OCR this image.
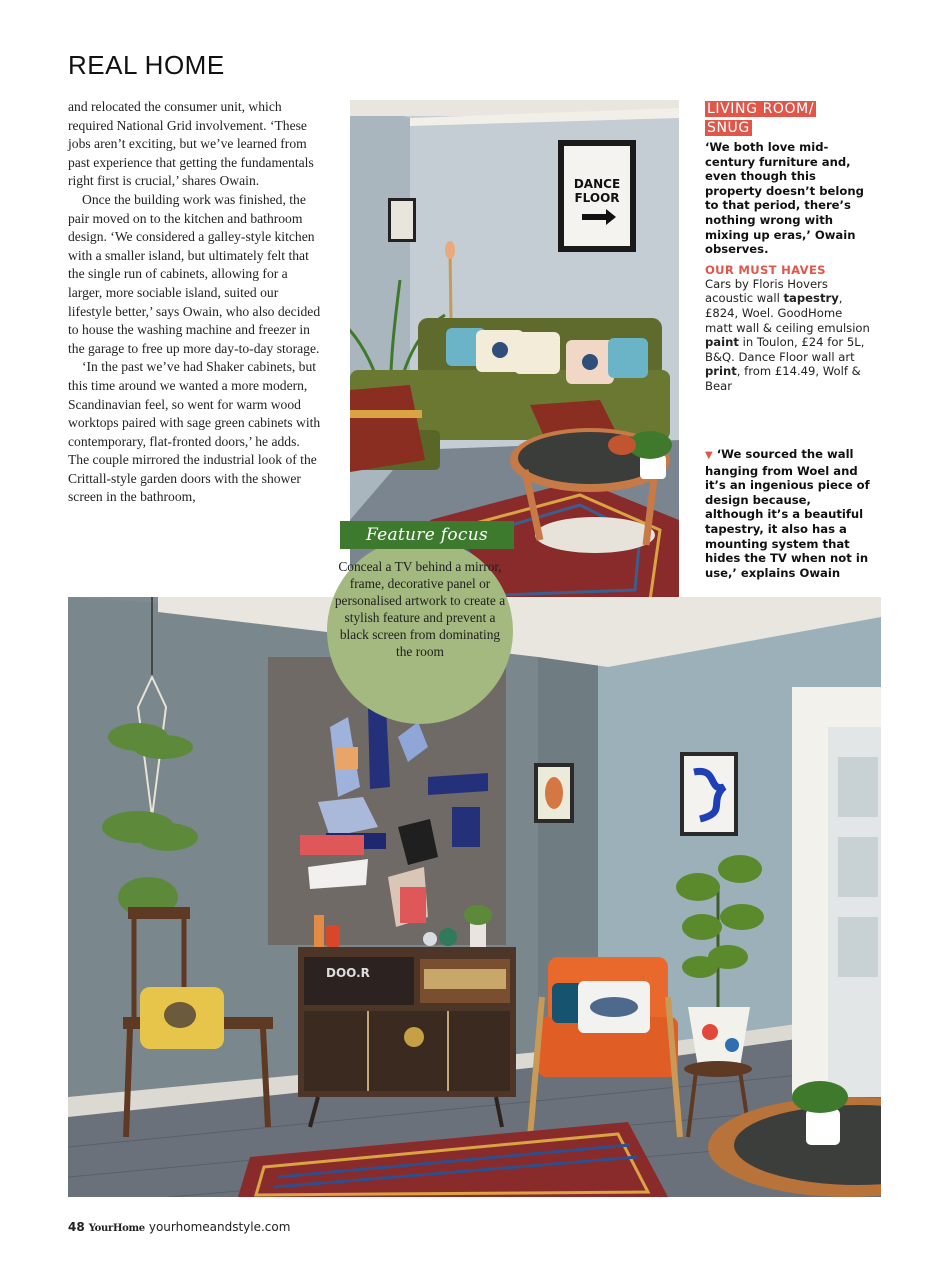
REAL HOME

and relocated the consumer unit, which required National Grid involvement. ‘These jobs aren’t exciting, but we’ve learned from past experience that getting the fundamentals right first is crucial,’ shares Owain.

Once the building work was finished, the pair moved on to the kitchen and bathroom design. ‘We considered a galley-style kitchen with a smaller island, but ultimately felt that the single run of cabinets, allowing for a larger, more sociable island, suited our lifestyle better,’ says Owain, who also decided to house the washing machine and freezer in the garage to free up more day-to-day storage.

‘In the past we’ve had Shaker cabinets, but this time around we wanted a more modern, Scandinavian feel, so went for warm wood worktops paired with sage green cabinets with contemporary, flat-fronted doors,’ he adds. The couple mirrored the industrial look of the Crittall-style garden doors with the shower screen in the bathroom,

DANCE
FLOOR
LIVING ROOM/ SNUG
‘We both love mid-century furniture and, even though this property doesn’t belong to that period, there’s nothing wrong with mixing up eras,’ Owain observes.
OUR MUST HAVES
Cars by Floris Hovers acoustic wall tapestry, £824, Woel. GoodHome matt wall & ceiling emulsion paint in Toulon, £24 for 5L, B&Q. Dance Floor wall art print, from £14.49, Wolf & Bear
▼ ‘We sourced the wall hanging from Woel and it’s an ingenious piece of design because, although it’s a beautiful tapestry, it also has a mounting system that hides the TV when not in use,’ explains Owain
DOO.R
Feature focus
Conceal a TV behind a mirror, frame, decorative panel or personalised artwork to create a stylish feature and prevent a black screen from dominating the room
48 YourHome yourhomeandstyle.com
